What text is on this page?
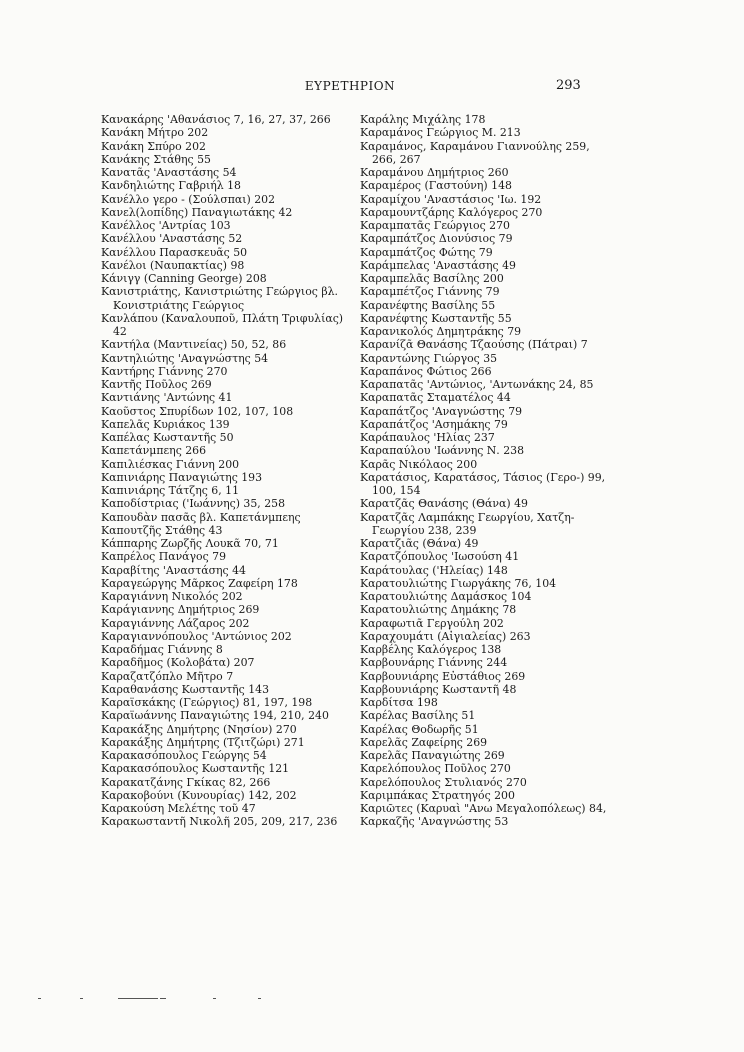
ΕΥΡΕΤΗΡΙΟΝ	293

Κανακάρης 'Αθανάσιος 7, 16, 27, 37, 266

Κανάκη Μήτρο 202

Κανάκη Σπύρο 202

Κανάκης Στάθης 55

Κανατᾶς 'Αναστάσης 54

Κανδηλιώτης Γαβριήλ 18

Κανέλλο γερο - (Σούλσπαι) 202

Κανελ(λοπίδης) Παναγιωτάκης 42

Κανέλλος 'Αντρίας 103

Κανέλλου 'Αναστάσης 52

Κανέλλου Παρασκευᾶς 50

Κανέλοι (Ναυπακτίας) 98

Κάνιγγ (Canning George) 208

Κανιστριάτης, Κανιστριώτης Γεώργιος βλ. Κονιστριάτης Γεώργιος

Κανλάπου (Καναλουποῦ, Πλάτη Τριφυλίας) 42

Καντήλα (Μαντινείας) 50, 52, 86

Καντηλιώτης 'Αναγνώστης 54

Καντήρης Γιάννης 270

Καντῆς Ποῦλος 269

Καντιάνης 'Αντώνης 41

Καοῦστος Σπυρίδων 102, 107, 108

Καπελᾶς Κυριάκος 139

Καπέλας Κωσταντῆς 50

Καπετάνμπεης 266

Καπιλιέσκας Γιάννη 200

Καπινιάρης Παναγιώτης 193

Καπινιάρης Τάτζης 6, 11

Καποδίστριας ('Ιωάννης) 35, 258

Καπουδὰν πασᾶς βλ. Καπετάνμπεης

Καπουτζῆς Στάθης 43

Κάππαρης Ζωρζῆς Λουκᾶ 70, 71

Καπρέλος Πανάγος 79

Καραβίτης 'Αναστάσης 44

Καραγεώργης Μᾶρκος Ζαφείρη 178

Καραγιάννη Νικολός 202

Καράγιαννης Δημήτριος 269

Καραγιάννης Λάζαρος 202

Καραγιαννόπουλος 'Αντώνιος 202

Καραδήμας Γιάννης 8

Καραδῆμος (Κολοβάτα) 207

Καραζατζόπλο Μῆτρο 7

Καραθανάσης Κωσταντῆς 143

Καραϊσκάκης (Γεώργιος) 81, 197, 198

Καραϊωάννης Παναγιώτης 194, 210, 240

Καρακάξης Δημήτρης (Νησίον) 270

Καρακάξης Δημήτρης (Τζιτζώρι) 271

Καρακασόπουλος Γεώργης 54

Καρακασόπουλος Κωσταντῆς 121

Καρακατζάνης Γκίκας 82, 266

Καρακοβούνι (Κυνουρίας) 142, 202

Καρακούση Μελέτης τοῦ 47

Καρακωσταντῆ Νικολῆ 205, 209, 217, 236

Καράλης Μιχάλης 178

Καραμάνος Γεώργιος Μ. 213

Καραμάνος, Καραμάνου Γιαννούλης 259, 266, 267

Καραμάνου Δημήτριος 260

Καραμέρος (Γαστούνη) 148

Καραμίχου 'Αναστάσιος 'Ιω. 192

Καραμουντζάρης Καλόγερος 270

Καραμπατᾶς Γεώργιος 270

Καραμπάτζος Διονύσιος 79

Καραμπάτζος Φώτης 79

Καράμπελας 'Αναστάσης 49

Καραμπελᾶς Βασίλης 200

Καραμπέτζος Γιάννης 79

Καρανέφτης Βασίλης 55

Καρανέφτης Κωσταντῆς 55

Καρανικολός Δημητράκης 79

Καρανίζᾶ Θανάσης Τζαούσης (Πάτραι) 7

Καραντώνης Γιώργος 35

Καραπάνος Φώτιος 266

Καραπατᾶς 'Αντώνιος, 'Αντωνάκης 24, 85

Καραπατᾶς Σταματέλος 44

Καραπάτζος 'Αναγνώστης 79

Καραπάτζος 'Ασημάκης 79

Καράπαυλος 'Ηλίας 237

Καραπαύλου 'Ιωάννης Ν. 238

Καρᾶς Νικόλαος 200

Καρατάσιος, Καρατάσος, Τάσιος (Γερο-) 99, 100, 154

Καρατζᾶς Θανάσης (Θάνα) 49

Καρατζᾶς Λαμπάκης Γεωργίου, Χατζη-Γεωργίου 238, 239

Καρατζιᾶς (Θάνα) 49

Καρατζόπουλος 'Ιωσούση 41

Καράτουλας ('Ηλείας) 148

Καρατουλιώτης Γιωργάκης 76, 104

Καρατουλιώτης Δαμάσκος 104

Καρατουλιώτης Δημάκης 78

Καραφωτιᾶ Γεργούλη 202

Καραχουμάτι (Αἰγιαλείας) 263

Καρβέλης Καλόγερος 138

Καρβουνάρης Γιάννης 244

Καρβουνιάρης Εὐστάθιος 269

Καρβουνιάρης Κωσταντῆ 48

Καρδίτσα 198

Καρέλας Βασίλης 51

Καρέλας Θοδωρῆς 51

Καρελᾶς Ζαφείρης 269

Καρελᾶς Παναγιώτης 269

Καρελόπουλος Ποῦλος 270

Καρελόπουλος Στυλιανός 270

Καριμπάκας Στρατηγός 200

Καριῶτες (Καρυαὶ "Ανω Μεγαλοπόλεως) 84,

Καρκαζῆς 'Αναγνώστης 53
